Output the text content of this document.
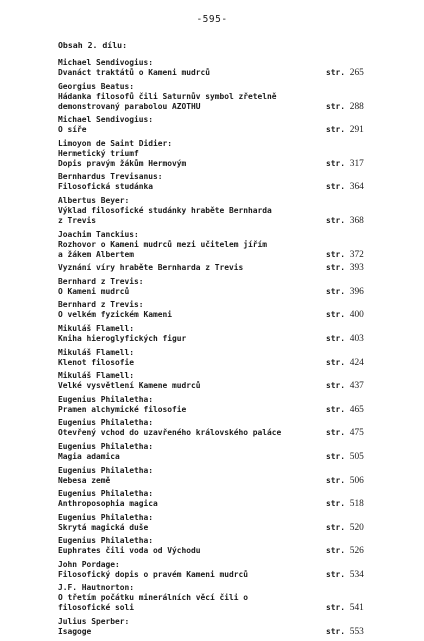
-595-
Obsah 2. dílu:
Michael Sendivogius:
Dvanáct traktátů o Kameni mudrců	str. 265
Georgius Beatus:
Hádanka filosofů čili Saturnův symbol zřetelně
demonstrovaný parabolou AZOTHU	str. 288
Michael Sendivogius:
O síře	str. 291
Limoyon de Saint Didier:
Hermetický triumf
Dopis pravým žákům Hermovým	str. 317
Bernhardus Trevisanus:
Filosofická studánka	str. 364
Albertus Beyer:
Výklad filosofické studánky hraběte Bernharda
z Trevis	str. 368
Joachim Tanckius:
Rozhovor o Kameni mudrců mezi učitelem jířím
a žákem Albertem	str. 372
Vyznání víry hraběte Bernharda z Trevis	str. 393
Bernhard z Trevis:
O Kameni mudrců	str. 396
Bernhard z Trevis:
O velkém fyzickém Kameni	str. 400
Mikuláš Flamell:
Kniha hieroglyfických figur	str. 403
Mikuláš Flamell:
Klenot filosofie	str. 424
Mikuláš Flamell:
Velké vysvětlení Kamene mudrců	str. 437
Eugenius Philaletha:
Pramen alchymické filosofie	str. 465
Eugenius Philaletha:
Otevřený vchod do uzavřeného královského paláce	str. 475
Eugenius Philaletha:
Magia adamica	str. 505
Eugenius Philaletha:
Nebesa země	str. 506
Eugenius Philaletha:
Anthroposophia magica	str. 518
Eugenius Philaletha:
Skrytá magická duše	str. 520
Eugenius Philaletha:
Euphrates čili voda od Východu	str. 526
John Pordage:
Filosofický dopis o pravém Kameni mudrců	str. 534
J.F. Hautnorton:
O třetím počátku minerálních věcí čili o
filosofické soli	str. 541
Julius Sperber:
Isagoge	str. 553
